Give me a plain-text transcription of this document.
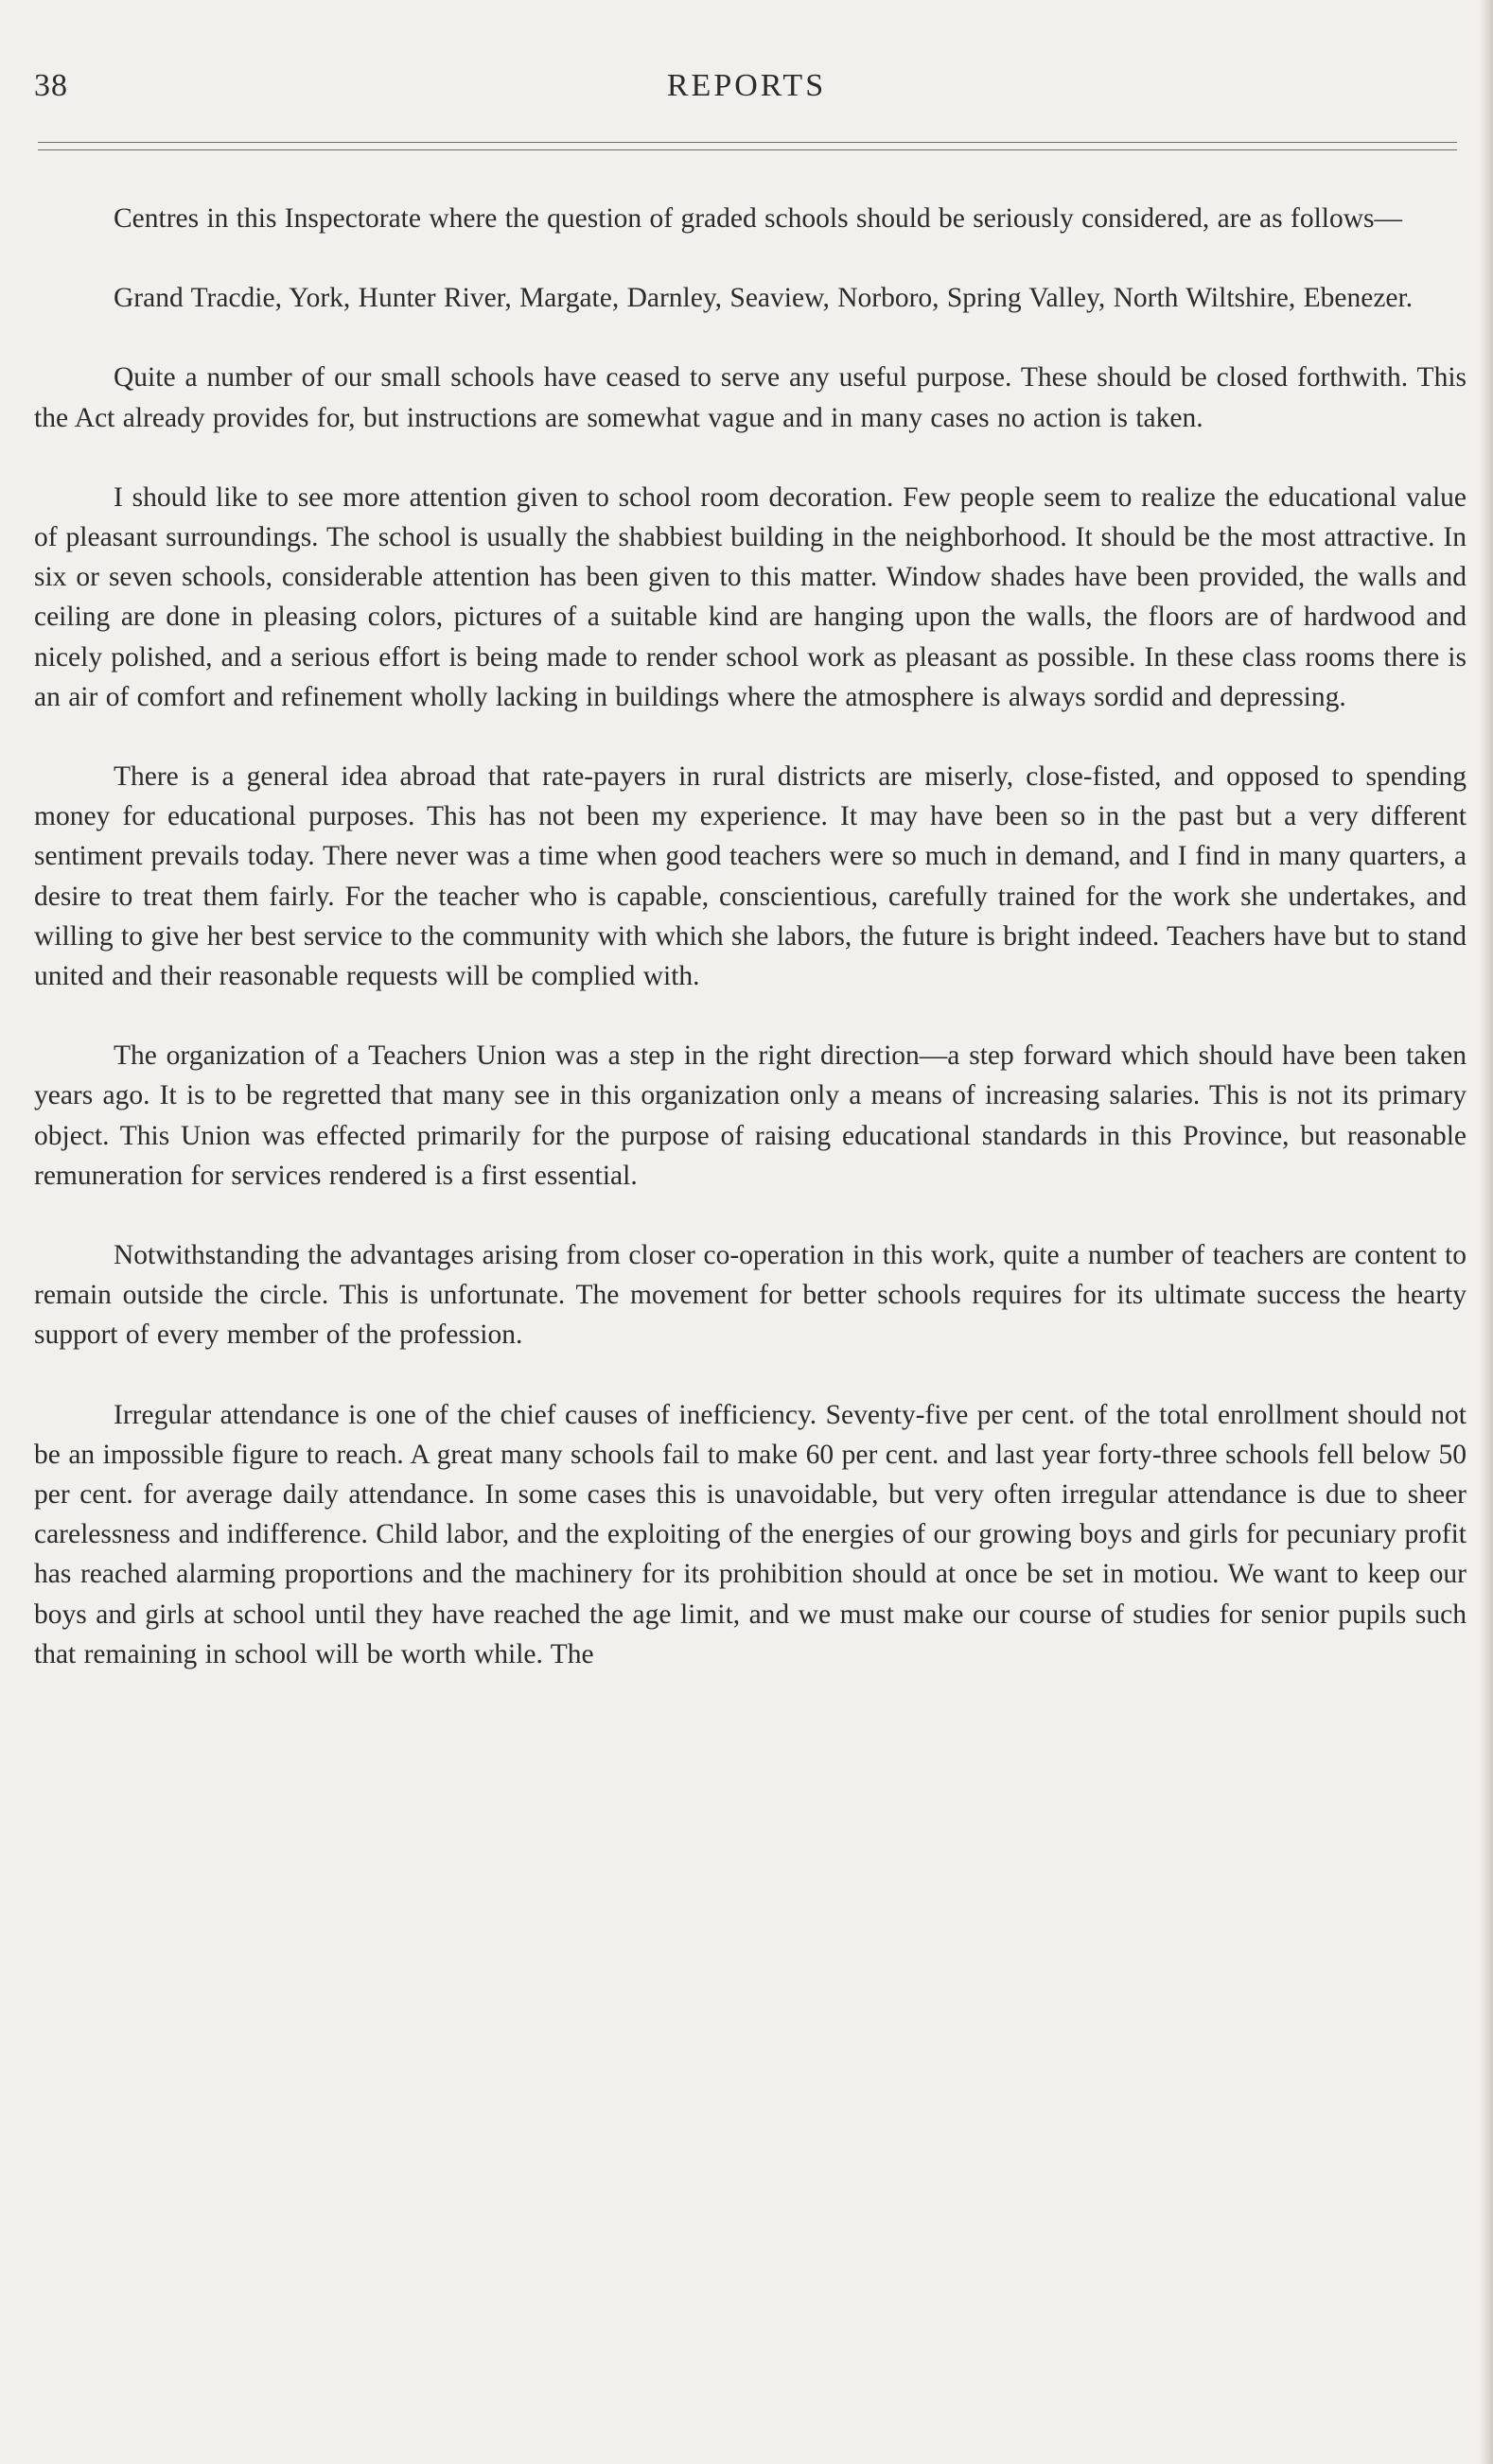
38	REPORTS

Centres in this Inspectorate where the question of graded schools should be seriously considered, are as follows—

Grand Tracdie, York, Hunter River, Margate, Darnley, Seaview, Norboro, Spring Valley, North Wiltshire, Ebenezer.

Quite a number of our small schools have ceased to serve any useful purpose. These should be closed forthwith. This the Act already provides for, but instructions are somewhat vague and in many cases no action is taken.

I should like to see more attention given to school room decoration. Few people seem to realize the educational value of pleasant surroundings. The school is usually the shabbiest building in the neighborhood. It should be the most attractive. In six or seven schools, considerable attention has been given to this matter. Window shades have been provided, the walls and ceiling are done in pleasing colors, pictures of a suitable kind are hanging upon the walls, the floors are of hardwood and nicely polished, and a serious effort is being made to render school work as pleasant as possible. In these class rooms there is an air of comfort and refinement wholly lacking in buildings where the atmosphere is always sordid and depressing.

There is a general idea abroad that rate-payers in rural districts are miserly, close-fisted, and opposed to spending money for educational purposes. This has not been my experience. It may have been so in the past but a very different sentiment prevails today. There never was a time when good teachers were so much in demand, and I find in many quarters, a desire to treat them fairly. For the teacher who is capable, conscientious, carefully trained for the work she undertakes, and willing to give her best service to the community with which she labors, the future is bright indeed. Teachers have but to stand united and their reasonable requests will be complied with.

The organization of a Teachers Union was a step in the right direction—a step forward which should have been taken years ago. It is to be regretted that many see in this organization only a means of increasing salaries. This is not its primary object. This Union was effected primarily for the purpose of raising educational standards in this Province, but reasonable remuneration for services rendered is a first essential.

Notwithstanding the advantages arising from closer co-operation in this work, quite a number of teachers are content to remain outside the circle. This is unfortunate. The movement for better schools requires for its ultimate success the hearty support of every member of the profession.

Irregular attendance is one of the chief causes of inefficiency. Seventy-five per cent. of the total enrollment should not be an impossible figure to reach. A great many schools fail to make 60 per cent. and last year forty-three schools fell below 50 per cent. for average daily attendance. In some cases this is unavoidable, but very often irregular attendance is due to sheer carelessness and indifference. Child labor, and the exploiting of the energies of our growing boys and girls for pecuniary profit has reached alarming proportions and the machinery for its prohibition should at once be set in motiou. We want to keep our boys and girls at school until they have reached the age limit, and we must make our course of studies for senior pupils such that remaining in school will be worth while. The
